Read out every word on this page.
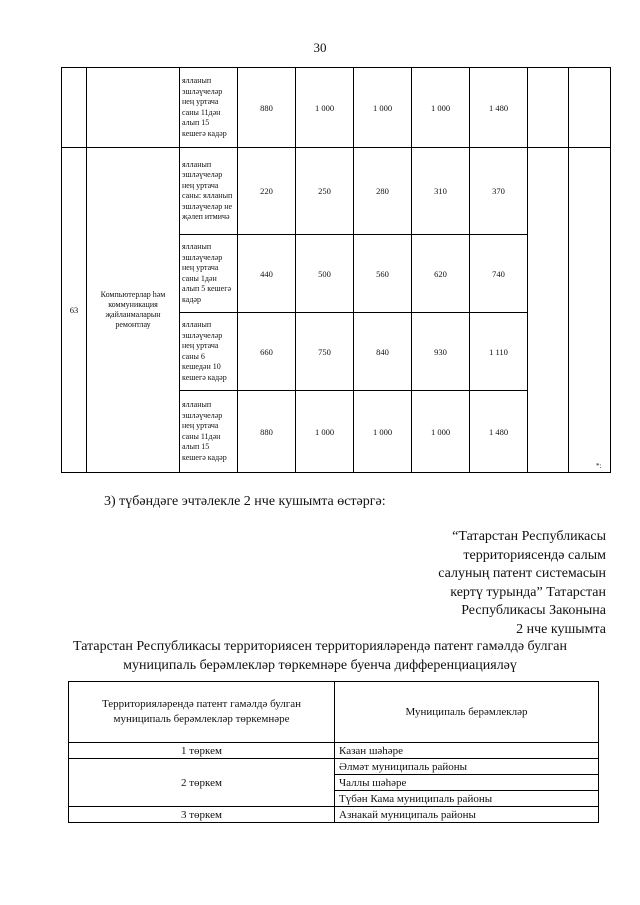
30
		ялланып эшләүчеләр нең уртача саны 11дән алып 15 кешегә кадәр	880	1 000	1 000	1 000	1 480		
63	Компьютерлар һәм коммуникация җайланмаларын ремонтлау	ялланып эшләүчеләр нең уртача саны: ялланып эшләүчеләр не җәлеп итмичә	220	250	280	310	370		
		ялланып эшләүчеләр нең уртача саны 1дән алып 5 кешегә кадәр	440	500	560	620	740		
		ялланып эшләүчеләр нең уртача саны 6 кешедән 10 кешегә кадәр	660	750	840	930	1 110		
		ялланып эшләүчеләр нең уртача саны 11дән алып 15 кешегә кадәр	880	1 000	1 000	1 000	1 480		
*:
3) түбәндәге эчтәлекле 2 нче кушымта өстәргә:
“Татарстан Республикасы
территориясендә салым
салуның патент системасын
кертү турында” Татарстан
Республикасы Законына
2 нче кушымта
Татарстан Республикасы территориясен территорияләрендә патент гамәлдә булган
муниципаль берәмлекләр төркемнәре буенча дифференциацияләү
Территорияләрендә патент гамәлдә булган муниципаль берәмлекләр төркемнәре	Муниципаль берәмлекләр
1 төркем	Казан шәһәре
2 төркем	Әлмәт муниципаль районы
	Чаллы шәһәре
	Түбән Кама муниципаль районы
3 төркем	Азнакай муниципаль районы
